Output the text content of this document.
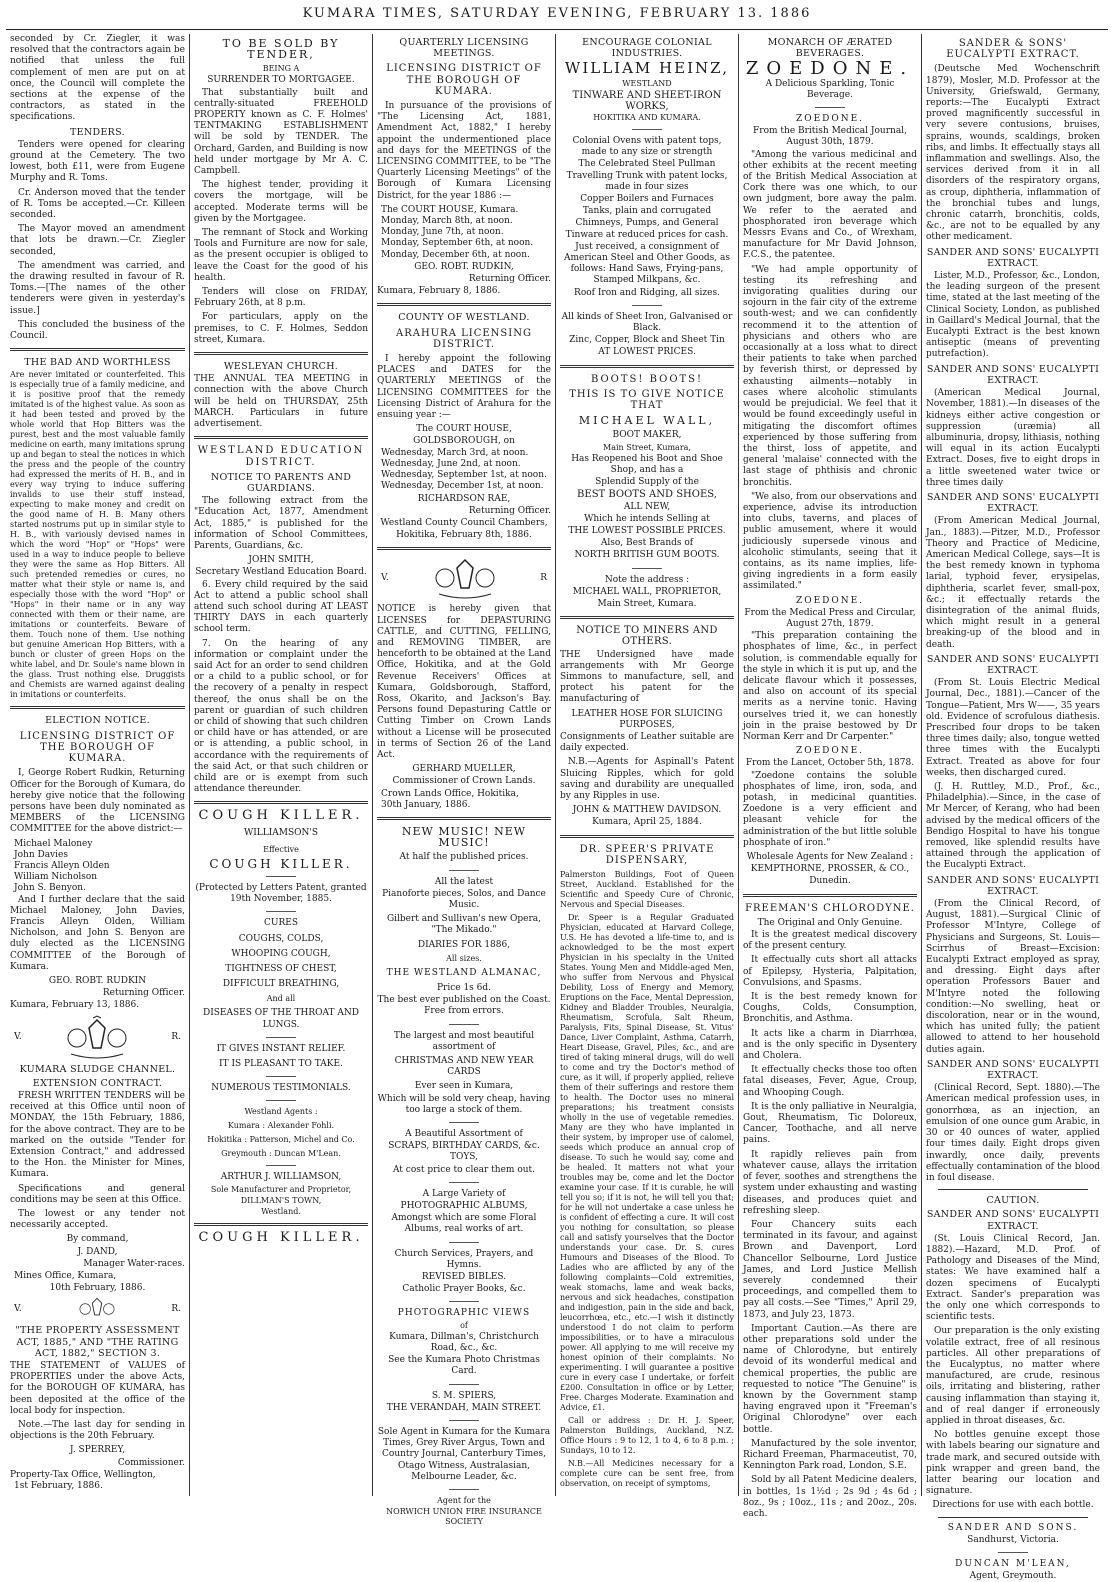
KUMARA TIMES, SATURDAY EVENING, FEBRUARY 13. 1886

seconded by Cr. Ziegler, it was resolved that the contractors again be notified that unless the full complement of men are put on at once, the Council will complete the sections at the expense of the contractors, as stated in the specifications.

TENDERS.

Tenders were opened for clearing ground at the Cemetery. The two lowest, both £11, were from Eugene Murphy and R. Toms.

Cr. Anderson moved that the tender of R. Toms be accepted.—Cr. Killeen seconded.

The Mayor moved an amendment that lots be drawn.—Cr. Ziegler seconded,

The amendment was carried, and the drawing resulted in favour of R. Toms.—[The names of the other tenderers were given in yesterday's issue.]

This concluded the business of the Council.

THE BAD AND WORTHLESS

Are never imitated or counterfeited. This is especially true of a family medicine, and it is positive proof that the remedy imitated is of the highest value. As soon as it had been tested and proved by the whole world that Hop Bitters was the purest, best and the most valuable family medicine on earth, many imitations sprung up and began to steal the notices in which the press and the people of the country had expressed the merits of H. B., and in every way trying to induce suffering invalids to use their stuff instead, expecting to make money and credit on the good name of H. B. Many others started nostrums put up in similar style to H. B., with variously devised names in which the word "Hop" or "Hops" were used in a way to induce people to believe they were the same as Hop Bitters. All such pretended remedies or cures, no matter what their style or name is, and especially those with the word "Hop" or "Hops" in their name or in any way connected with them or their name, are imitations or counterfeits. Beware of them. Touch none of them. Use nothing but genuine American Hop Bitters, with a bunch or cluster of green Hops on the white label, and Dr. Soule's name blown in the glass. Trust nothing else. Druggists and Chemists are warned against dealing in imitations or counterfeits.

ELECTION NOTICE.
LICENSING DISTRICT OF THE BOROUGH OF KUMARA.

I, George Robert Rudkin, Returning Officer for the Borough of Kumara, do hereby give notice that the following persons have been duly nominated as MEMBERS of the LICENSING COMMITTEE for the above district:—

Michael Maloney
John Davies
Francis Alleyn Olden
William Nicholson
John S. Benyon.

And I further declare that the said Michael Maloney, John Davies, Francis Alleyn Olden, William Nicholson, and John S. Benyon are duly elected as the LICENSING COMMITTEE of the Borough of Kumara.

GEO. ROBT. RUDKIN
Returning Officer.
Kumara, February 13, 1886.
V.	R.
KUMARA SLUDGE CHANNEL.
EXTENSION CONTRACT.

FRESH WRITTEN TENDERS will be received at this Office until noon of MONDAY, the 15th February, 1886, for the above contract. They are to be marked on the outside "Tender for Extension Contract," and addressed to the Hon. the Minister for Mines, Kumara.

Specifications and general conditions may be seen at this Office.

The lowest or any tender not necessarily accepted.

By command,
J. DAND,
Manager Water-races.
Mines Office, Kumara,
10th February, 1886.
V.	R.
"THE PROPERTY ASSESSMENT ACT, 1885," AND "THE RATING ACT, 1882," SECTION 3.

THE STATEMENT of VALUES of PROPERTIES under the above Acts, for the BOROUGH OF KUMARA, has been deposited at the office of the local body for inspection.

Note.—The last day for sending in objections is the 20th February.

J. SPERREY,
Commissioner.
Property-Tax Office, Wellington,
1st February, 1886.
TO BE SOLD BY TENDER,
BEING A
SURRENDER TO MORTGAGEE.

That substantially built and centrally-situated FREEHOLD PROPERTY known as C. F. Holmes' TENTMAKING ESTABLISHMENT will be sold by TENDER. The Orchard, Garden, and Building is now held under mortgage by Mr A. C. Campbell.

The highest tender, providing it covers the mortgage, will be accepted. Moderate terms will be given by the Mortgagee.

The remnant of Stock and Working Tools and Furniture are now for sale, as the present occupier is obliged to leave the Coast for the good of his health.

Tenders will close on FRIDAY, February 26th, at 8 p.m.

For particulars, apply on the premises, to C. F. Holmes, Seddon street, Kumara.

WESLEYAN CHURCH.

THE ANNUAL TEA MEETING in connection with the above Church will be held on THURSDAY, 25th MARCH. Particulars in future advertisement.

WESTLAND EDUCATION DISTRICT.
NOTICE TO PARENTS AND GUARDIANS.

The following extract from the "Education Act, 1877, Amendment Act, 1885," is published for the information of School Committees, Parents, Guardians, &c.

JOHN SMITH,
Secretary Westland Education Board.

6. Every child required by the said Act to attend a public school shall attend such school during AT LEAST THIRTY DAYS in each quarterly school term.

7. On the hearing of any information or complaint under the said Act for an order to send children or a child to a public school, or for the recovery of a penalty in respect thereof, the onus shall be on the parent or guardian of such children or child of showing that such children or child have or has attended, or are or is attending, a public school, in accordance with the requirements of the said Act, or that such children or child are or is exempt from such attendance thereunder.

COUGH KILLER.
WILLIAMSON'S
Effective
COUGH KILLER.
(Protected by Letters Patent, granted 19th November, 1885.
CURES
COUGHS, COLDS,
WHOOPING COUGH,
TIGHTNESS OF CHEST,
DIFFICULT BREATHING,
And all
DISEASES OF THE THROAT AND LUNGS.
IT GIVES INSTANT RELIEF.
IT IS PLEASANT TO TAKE.
NUMEROUS TESTIMONIALS.
Westland Agents :
Kumara : Alexander Fohli.
Hokitika : Patterson, Michel and Co.
Greymouth : Duncan M'Lean.
ARTHUR J. WILLIAMSON,
Sole Manufacturer and Proprietor,
DILLMAN'S TOWN,
Westland.
COUGH KILLER.
QUARTERLY LICENSING MEETINGS.
LICENSING DISTRICT OF THE BOROUGH OF KUMARA.

In pursuance of the provisions of "The Licensing Act, 1881, Amendment Act, 1882," I hereby appoint the undermentioned place and days for the MEETINGS of the LICENSING COMMITTEE, to be "The Quarterly Licensing Meetings" of the Borough of Kumara Licensing District, for the year 1886 :—

The COURT HOUSE, Kumara.
Monday, March 8th, at noon.
Monday, June 7th, at noon.
Monday, September 6th, at noon.
Monday, December 6th, at noon.
GEO. ROBT. RUDKIN,
Returning Officer.
Kumara, February 8, 1886.
COUNTY OF WESTLAND.
ARAHURA LICENSING DISTRICT.

I hereby appoint the following PLACES and DATES for the QUARTERLY MEETINGS of the LICENSING COMMITTEES for the Licensing District of Arahura for the ensuing year :—

The COURT HOUSE, GOLDSBOROUGH, on
Wednesday, March 3rd, at noon.
Wednesday, June 2nd, at noon.
Wednesday, September 1st, at noon.
Wednesday, December 1st, at noon.
RICHARDSON RAE,
Returning Officer.
Westland County Council Chambers,
Hokitika, February 8th, 1886.
V.	R

NOTICE is hereby given that LICENSES for DEPASTURING CATTLE, and CUTTING, FELLING, and REMOVING TIMBER, are henceforth to be obtained at the Land Office, Hokitika, and at the Gold Revenue Receivers' Offices at Kumara, Goldsborough, Stafford, Ross, Okarito, and Jackson's Bay. Persons found Depasturing Cattle or Cutting Timber on Crown Lands without a License will be prosecuted in terms of Section 26 of the Land Act.

GERHARD MUELLER,
Commissioner of Crown Lands.
Crown Lands Office, Hokitika,
30th January, 1886.
NEW MUSIC! NEW MUSIC!
At half the published prices.
All the latest
Pianoforte pieces, Solos, and Dance Music.
Gilbert and Sullivan's new Opera, "The Mikado."
DIARIES FOR 1886,
All sizes.
THE WESTLAND ALMANAC,
Price 1s 6d.
The best ever published on the Coast. Free from errors.
The largest and most beautiful assortment of
CHRISTMAS AND NEW YEAR CARDS
Ever seen in Kumara,
Which will be sold very cheap, having too large a stock of them.
A Beautiful Assortment of
SCRAPS, BIRTHDAY CARDS, &c. TOYS,
At cost price to clear them out.
A Large Variety of
PHOTOGRAPHIC ALBUMS,
Amongst which are some Floral Albums, real works of art.
Church Services, Prayers, and Hymns.
REVISED BIBLES.
Catholic Prayer Books, &c.
PHOTOGRAPHIC VIEWS
of
Kumara, Dillman's, Christchurch Road, &c., &c.
See the Kumara Photo Christmas Card.
S. M. SPIERS,
THE VERANDAH, MAIN STREET.
Sole Agent in Kumara for the Kumara Times, Grey River Argus, Town and Country Journal, Canterbury Times, Otago Witness, Australasian, Melbourne Leader, &c.
Agent for the
NORWICH UNION FIRE INSURANCE SOCIETY
ENCOURAGE COLONIAL INDUSTRIES.
WILLIAM HEINZ,
WESTLAND
TINWARE AND SHEET-IRON WORKS,
HOKITIKA AND KUMARA.
Colonial Ovens with patent tops, made to any size or strength
The Celebrated Steel Pullman Travelling Trunk with patent locks, made in four sizes
Copper Boilers and Furnaces
Tanks, plain and corrugated
Chimneys, Pumps, and General Tinware at reduced prices for cash.
Just received, a consignment of American Steel and Other Goods, as follows: Hand Saws, Frying-pans, Stamped Milkpans, &c.
Roof Iron and Ridging, all sizes.
All kinds of Sheet Iron, Galvanised or Black.
Zinc, Copper, Block and Sheet Tin
AT LOWEST PRICES.
BOOTS! BOOTS!
THIS IS TO GIVE NOTICE THAT
MICHAEL WALL,
BOOT MAKER,
Main Street, Kumara,
Has Reopened his Boot and Shoe Shop, and has a
Splendid Supply of the
BEST BOOTS AND SHOES,
ALL NEW,
Which he intends Selling at
THE LOWEST POSSIBLE PRICES.
Also, Best Brands of
NORTH BRITISH GUM BOOTS.
Note the address :
MICHAEL WALL, PROPRIETOR,
Main Street, Kumara.
NOTICE TO MINERS AND OTHERS.

THE Undersigned have made arrangements with Mr George Simmons to manufacture, sell, and protect his patent for the manufacturing of

LEATHER HOSE FOR SLUICING PURPOSES,

Consignments of Leather suitable are daily expected.

N.B.—Agents for Aspinall's Patent Sluicing Ripples, which for gold saving and durability are unequalled by any Ripples in use.

JOHN & MATTHEW DAVIDSON.
Kumara, April 25, 1884.
DR. SPEER'S PRIVATE DISPENSARY,

Palmerston Buildings, Foot of Queen Street, Auckland. Established for the Scientific and Speedy Cure of Chronic, Nervous and Special Diseases.

Dr. Speer is a Regular Graduated Physician, educated at Harvard College, U.S. He has devoted a life-time to, and is acknowledged to be the most expert Physician in his specialty in the United States. Young Men and Middle-aged Men, who suffer from Nervous and Physical Debility, Loss of Energy and Memory, Eruptions on the Face, Mental Depression, Kidney and Bladder Troubles, Neuralgia, Rheumatism, Scrofula, Salt Rheum, Paralysis, Fits, Spinal Disease, St. Vitus' Dance, Liver Complaint, Asthma, Catarrh, Heart Disease, Gravel, Piles, &c., and are tired of taking mineral drugs, will do well to come and try the Doctor's method of cure, as it will, if properly applied, relieve them of their sufferings and restore them to health. The Doctor uses no mineral preparations; his treatment consists wholly in the use of vegetable remedies. Many are they who have implanted in their system, by improper use of calomel, seeds which produce an annual crop of disease. To such he would say, come and be healed. It matters not what your troubles may be, come and let the Doctor examine your case. If it is curable, he will tell you so; if it is not, he will tell you that; for he will not undertake a case unless he is confident of effecting a cure. It will cost you nothing for consultation, so please call and satisfy yourselves that the Doctor understands your case. Dr. S. cures Humours and Diseases of the Blood. To Ladies who are afflicted by any of the following complaints—Cold extremities, weak stomachs, lame and weak backs, nervous and sick headaches, constipation and indigestion, pain in the side and back, leucorrhœa, etc., etc.—I wish it distinctly understood I do not claim to perform impossibilities, or to have a miraculous power. All applying to me will receive my honest opinion of their complaints. No experimenting. I will guarantee a positive cure in every case I undertake, or forfeit £200. Consultation in office or by Letter, Free. Charges Moderate. Examination and Advice, £1.

Call or address : Dr. H. J. Speer, Palmerston Buildings, Auckland, N.Z. Office Hours : 9 to 12, 1 to 4, 6 to 8 p.m. ; Sundays, 10 to 12.

N.B.—All Medicines necessary for a complete cure can be sent free, from observation, on receipt of symptoms,

MONARCH OF ÆRATED BEVERAGES.
ZOEDONE.
A Delicious Sparkling, Tonic Beverage.
ZOEDONE.
From the British Medical Journal, August 30th, 1879.

"Among the various medicinal and other exhibits at the recent meeting of the British Medical Association at Cork there was one which, to our own judgment, bore away the palm. We refer to the aerated and phosphorated iron beverage which Messrs Evans and Co., of Wrexham, manufacture for Mr David Johnson, F.C.S., the patentee.

"We had ample opportunity of testing its refreshing and invigorating qualities during our sojourn in the fair city of the extreme south-west; and we can confidently recommend it to the attention of physicians and others who are occasionally at a loss what to direct their patients to take when parched by feverish thirst, or depressed by exhausting ailments—notably in cases where alcoholic stimulants would be prejudicial. We feel that it would be found exceedingly useful in mitigating the discomfort oftimes experienced by those suffering from the thirst, loss of appetite, and general 'malaise' connected with the last stage of phthisis and chronic bronchitis.

"We also, from our observations and experience, advise its introduction into clubs, taverns, and places of public amusement, where it would judiciously supersede vinous and alcoholic stimulants, seeing that it contains, as its name implies, life-giving ingredients in a form easily assimilated."

ZOEDONE.
From the Medical Press and Circular, August 27th, 1879.

"This preparation containing the phosphates of lime, &c., in perfect solution, is commendable equally for the style in which it is put up, and the delicate flavour which it possesses, and also on account of its special merits as a nervine tonic. Having ourselves tried it, we can honestly join in the praise bestowed by Dr Norman Kerr and Dr Carpenter."

ZOEDONE.
From the Lancet, October 5th, 1878.

"Zoedone contains the soluble phosphates of lime, iron, soda, and potash, in medicinal quantities. Zoedone is a very efficient and pleasant vehicle for the administration of the but little soluble phosphate of iron."

Wholesale Agents for New Zealand :
KEMPTHORNE, PROSSER, & CO.,
Dunedin.
FREEMAN'S CHLORODYNE.
The Original and Only Genuine.

It is the greatest medical discovery of the present century.

It effectually cuts short all attacks of Epilepsy, Hysteria, Palpitation, Convulsions, and Spasms.

It is the best remedy known for Coughs, Colds, Consumption, Bronchitis, and Asthma.

It acts like a charm in Diarrhœa, and is the only specific in Dysentery and Cholera.

It effectually checks those too often fatal diseases, Fever, Ague, Croup, and Whooping Cough.

It is the only palliative in Neuralgia, Gout, Rheumatism, Tic Doloreux, Cancer, Toothache, and all nerve pains.

It rapidly relieves pain from whatever cause, allays the irritation of fever, soothes and strengthens the system under exhausting and wasting diseases, and produces quiet and refreshing sleep.

Four Chancery suits each terminated in its favour, and against Brown and Davenport, Lord Chancellor Selbourne, Lord Justice James, and Lord Justice Mellish severely condemned their proceedings, and compelled them to pay all costs.—See "Times," April 29, 1873, and July 23, 1873.

Important Caution.—As there are other preparations sold under the name of Chlorodyne, but entirely devoid of its wonderful medical and chemical properties, the public are requested to notice "The Genuine" is known by the Government stamp having engraved upon it "Freeman's Original Chlorodyne" over each bottle.

Manufactured by the sole inventor, Richard Freeman, Pharmaceutist, 70, Kennington Park road, London, S.E.

Sold by all Patent Medicine dealers, in bottles, 1s 1½d ; 2s 9d ; 4s 6d ; 8oz., 9s ; 10oz., 11s ; and 20oz., 20s. each.

SANDER & SONS' EUCALYPTI EXTRACT.

(Deutsche Med Wochenschrift 1879), Mosler, M.D. Professor at the University, Griefswald, Germany, reports:—The Eucalypti Extract proved magnificently successful in very severe contusions, bruises, sprains, wounds, scaldings, broken ribs, and limbs. It effectually stays all inflammation and swellings. Also, the services derived from it in all disorders of the respiratory organs, as croup, diphtheria, inflammation of the bronchial tubes and lungs, chronic catarrh, bronchitis, colds, &c., are not to be equalled by any other medicament.

SANDER AND SONS' EUCALYPTI EXTRACT.

Lister, M.D., Professor, &c., London, the leading surgeon of the present time, stated at the last meeting of the Clinical Society, London, as published in Gaillard's Medical Journal, that the Eucalypti Extract is the best known antiseptic (means of preventing putrefaction).

SANDER AND SONS' EUCALYPTI EXTRACT.

(American Medical Journal, November, 1881).—In diseases of the kidneys either active congestion or suppression (uræmia) all albuminuria, dropsy, lithiasis, nothing will equal in its action Eucalypti Extract. Doses, five to eight drops in a little sweetened water twice or three times daily

SANDER AND SONS' EUCALYPTI EXTRACT.

(From American Medical Journal, Jan., 1883).—Pitzer, M.D., Professor Theory and Practice of Medicine, American Medical College, says—It is the best remedy known in typhoma larial, typhoid fever, erysipelas, diphtheria, scarlet fever, small-pox, &c.; it effectually retards the disintegration of the animal fluids, which might result in a general breaking-up of the blood and in death.

SANDER AND SONS' EUCALYPTI EXTRACT.

(From St. Louis Electric Medical Journal, Dec., 1881).—Cancer of the Tongue—Patient, Mrs W——, 35 years old. Evidence of scrofulous diathesis. Prescribed four drops to be taken three times daily; also, tongue wetted three times with the Eucalypti Extract. Treated as above for four weeks, then discharged cured.

(J. H. Ruttley, M.D., Prof., &c., Philadelphia).—Since, in the case of Mr Mercer, of Kerang, who had been advised by the medical officers of the Bendigo Hospital to have his tongue removed, like splendid results have attained through the application of the Eucalypti Extract.

SANDER AND SONS' EUCALYPTI EXTRACT.

(From the Clinical Record, of August, 1881).—Surgical Clinic of Professor M'Intyre, College of Physicians and Surgeons, St. Louis—Scirrhus of Breast—Excision: Eucalypti Extract employed as spray, and dressing. Eight days after operation Professors Bauer and M'Intyre noted the following condition:—No swelling, heat or discoloration, near or in the wound, which has united fully; the patient allowed to attend to her household duties again.

SANDER AND SONS' EUCALYPTI EXTRACT.

(Clinical Record, Sept. 1880).—The American medical profession uses, in gonorrhœa, as an injection, an emulsion of one ounce gum Arabic, in 30 or 40 ounces of water, applied four times daily. Eight drops given inwardly, once daily, prevents effectually contamination of the blood in foul disease.

CAUTION.
SANDER AND SONS' EUCALYPTI EXTRACT.

(St. Louis Clinical Record, Jan. 1882).—Hazard, M.D. Prof. of Pathology and Diseases of the Mind, states: We have examined half a dozen specimens of Eucalypti Extract. Sander's preparation was the only one which corresponds to scientific tests.

Our preparation is the only existing volatile extract, free of all resinous particles. All other preparations of the Eucalyptus, no matter where manufactured, are crude, resinous oils, irritating and blistering, rather causing inflammation than staying it, and of real danger if erroneously applied in throat diseases, &c.

No bottles genuine except those with labels bearing our signature and trade mark, and secured outside with pink wrapper and green band, the latter bearing our location and signature.

Directions for use with each bottle.
SANDER AND SONS.
Sandhurst, Victoria.
DUNCAN M'LEAN,
Agent, Greymouth.
